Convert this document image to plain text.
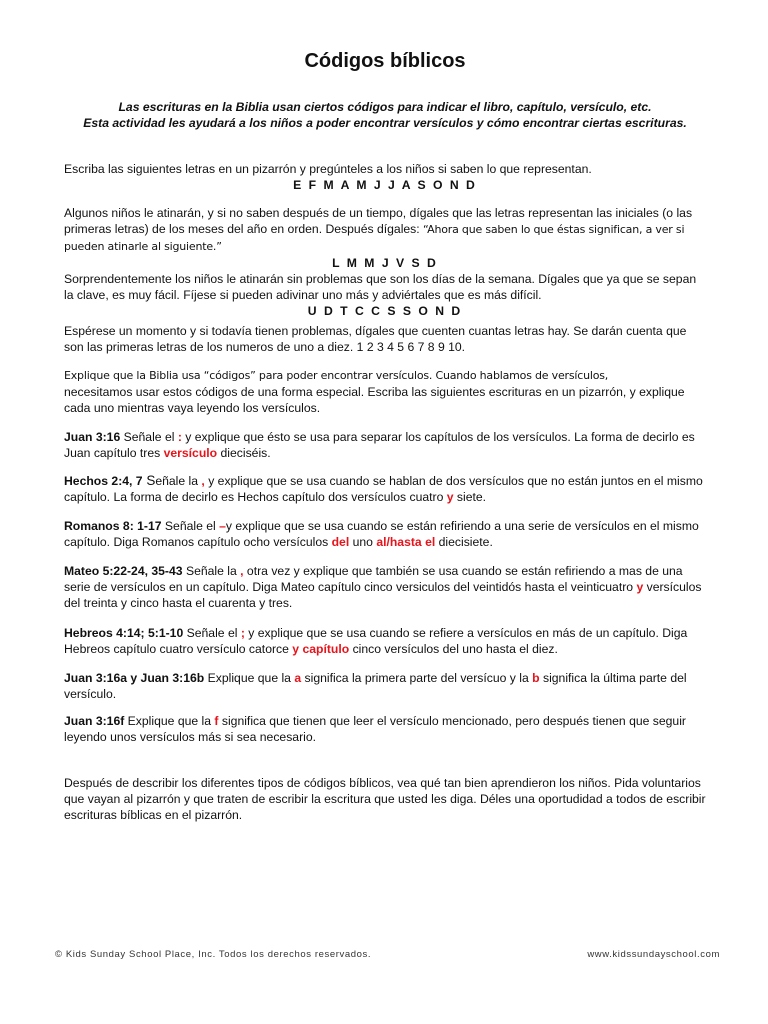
Códigos bíblicos
Las escrituras en la Biblia usan ciertos códigos para indicar el libro, capítulo, versículo, etc.
Esta actividad les ayudará a los niños a poder encontrar versículos y cómo encontrar ciertas escrituras.

Escriba las siguientes letras en un pizarrón y pregúnteles a los niños si saben lo que representan.

E F M A M J J A S O N D

Algunos niños le atinarán, y si no saben después de un tiempo, dígales que las letras representan las iniciales (o las primeras letras) de los meses del año en orden. Después dígales: “Ahora que saben lo que éstas significan, a ver si pueden atinarle al siguiente.”

L M M J V S D

Sorprendentemente los niños le atinarán sin problemas que son los días de la semana. Dígales que ya que se sepan la clave, es muy fácil. Fíjese si pueden adivinar uno más y adviértales que es más difícil.

U D T C C S S O N D

Espérese un momento y si todavía tienen problemas, dígales que cuenten cuantas letras hay. Se darán cuenta que son las primeras letras de los numeros de uno a diez. 1 2 3 4 5 6 7 8 9 10.

Explique que la Biblia usa “códigos” para poder encontrar versículos. Cuando hablamos de versículos,
necesitamos usar estos códigos de una forma especial. Escriba las siguientes escrituras en un pizarrón, y explique cada uno mientras vaya leyendo los versículos.

Juan 3:16 Señale el : y explique que ésto se usa para separar los capítulos de los versículos. La forma de decirlo es Juan capítulo tres versículo dieciséis.

Hechos 2:4, 7 Señale la , y explique que se usa cuando se hablan de dos versículos que no están juntos en el mismo capítulo. La forma de decirlo es Hechos capítulo dos versículos cuatro y siete.

Romanos 8: 1-17 Señale el –y explique que se usa cuando se están refiriendo a una serie de versículos en el mismo capítulo. Diga Romanos capítulo ocho versículos del uno al/hasta el diecisiete.

Mateo 5:22-24, 35-43 Señale la , otra vez y explique que también se usa cuando se están refiriendo a mas de una serie de versículos en un capítulo. Diga Mateo capítulo cinco versiculos del veintidós hasta el veinticuatro y versículos del treinta y cinco hasta el cuarenta y tres.

Hebreos 4:14; 5:1-10 Señale el ; y explique que se usa cuando se refiere a versículos en más de un capítulo. Diga Hebreos capítulo cuatro versículo catorce y capítulo cinco versículos del uno hasta el diez.

Juan 3:16a y Juan 3:16b Explique que la a significa la primera parte del versícuo y la b significa la última parte del versículo.

Juan 3:16f Explique que la f significa que tienen que leer el versículo mencionado, pero después tienen que seguir leyendo unos versículos más si sea necesario.

Después de describir los diferentes tipos de códigos bíblicos, vea qué tan bien aprendieron los niños. Pida voluntarios que vayan al pizarrón y que traten de escribir la escritura que usted les diga. Déles una oportudidad a todos de escribir escrituras bíblicas en el pizarrón.

© Kids Sunday School Place, Inc. Todos los derechos reservados.	www.kidssundayschool.com
